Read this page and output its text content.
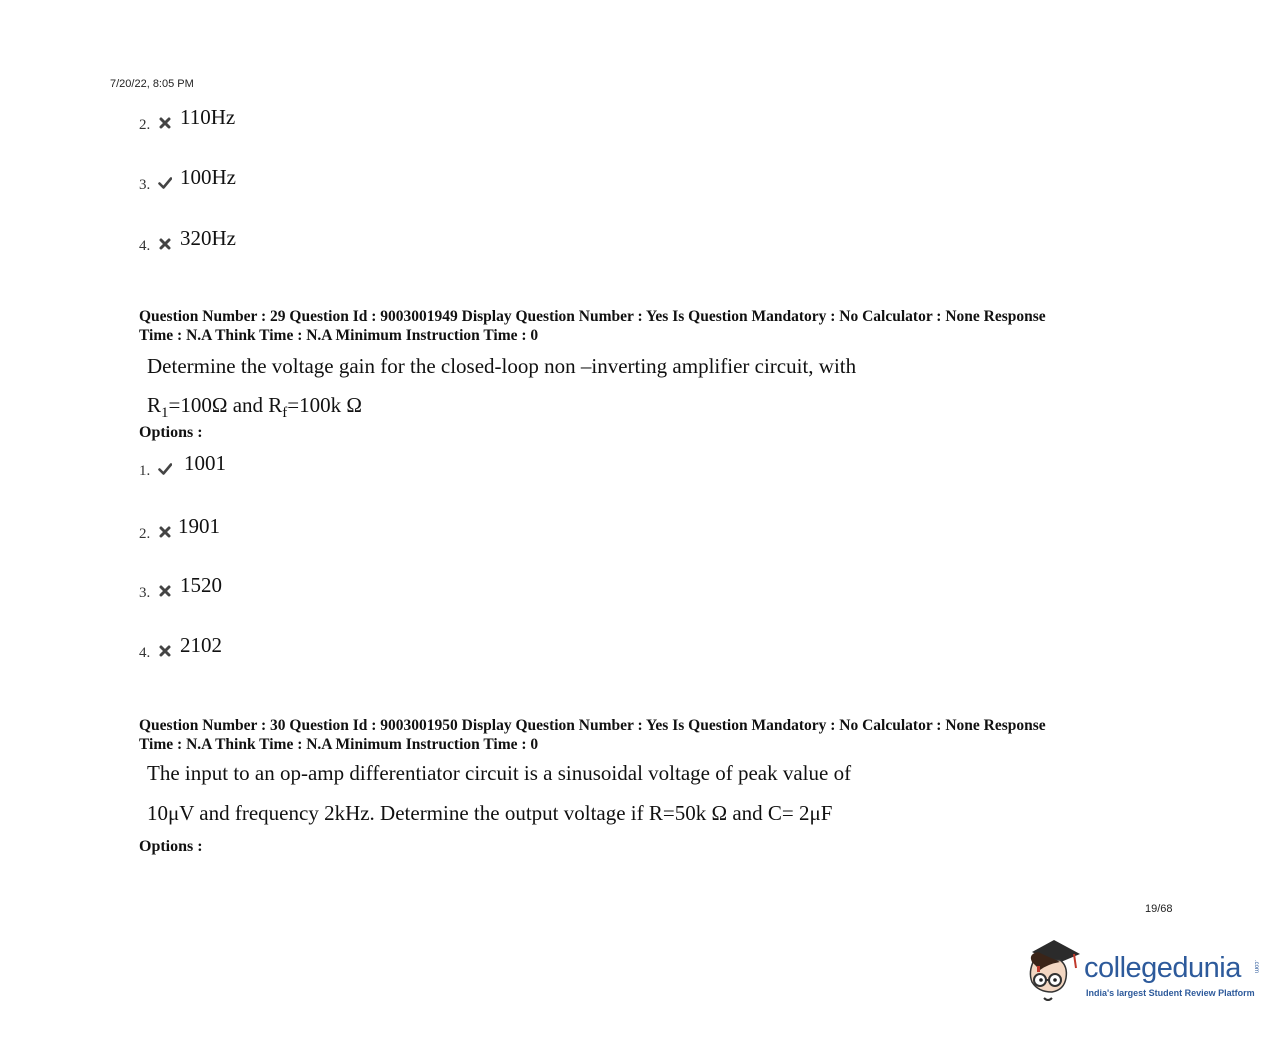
7/20/22, 8:05 PM
2. 110Hz
3. 100Hz
4. 320Hz
Question Number : 29 Question Id : 9003001949 Display Question Number : Yes Is Question Mandatory : No Calculator : None Response
Time : N.A Think Time : N.A Minimum Instruction Time : 0
Determine the voltage gain for the closed-loop non –inverting amplifier circuit, with
$R_1=100\Omega$ and $R_f=100k$ Ω
Options :
1. 1001
2. 1901
3. 1520
4. 2102
Question Number : 30 Question Id : 9003001950 Display Question Number : Yes Is Question Mandatory : No Calculator : None Response
Time : N.A Think Time : N.A Minimum Instruction Time : 0
The input to an op-amp differentiator circuit is a sinusoidal voltage of peak value of
10μV and frequency 2kHz. Determine the output voltage if R=50k Ω and C= 2μF
Options :
19/68
collegedunia .com
India's largest Student Review Platform
